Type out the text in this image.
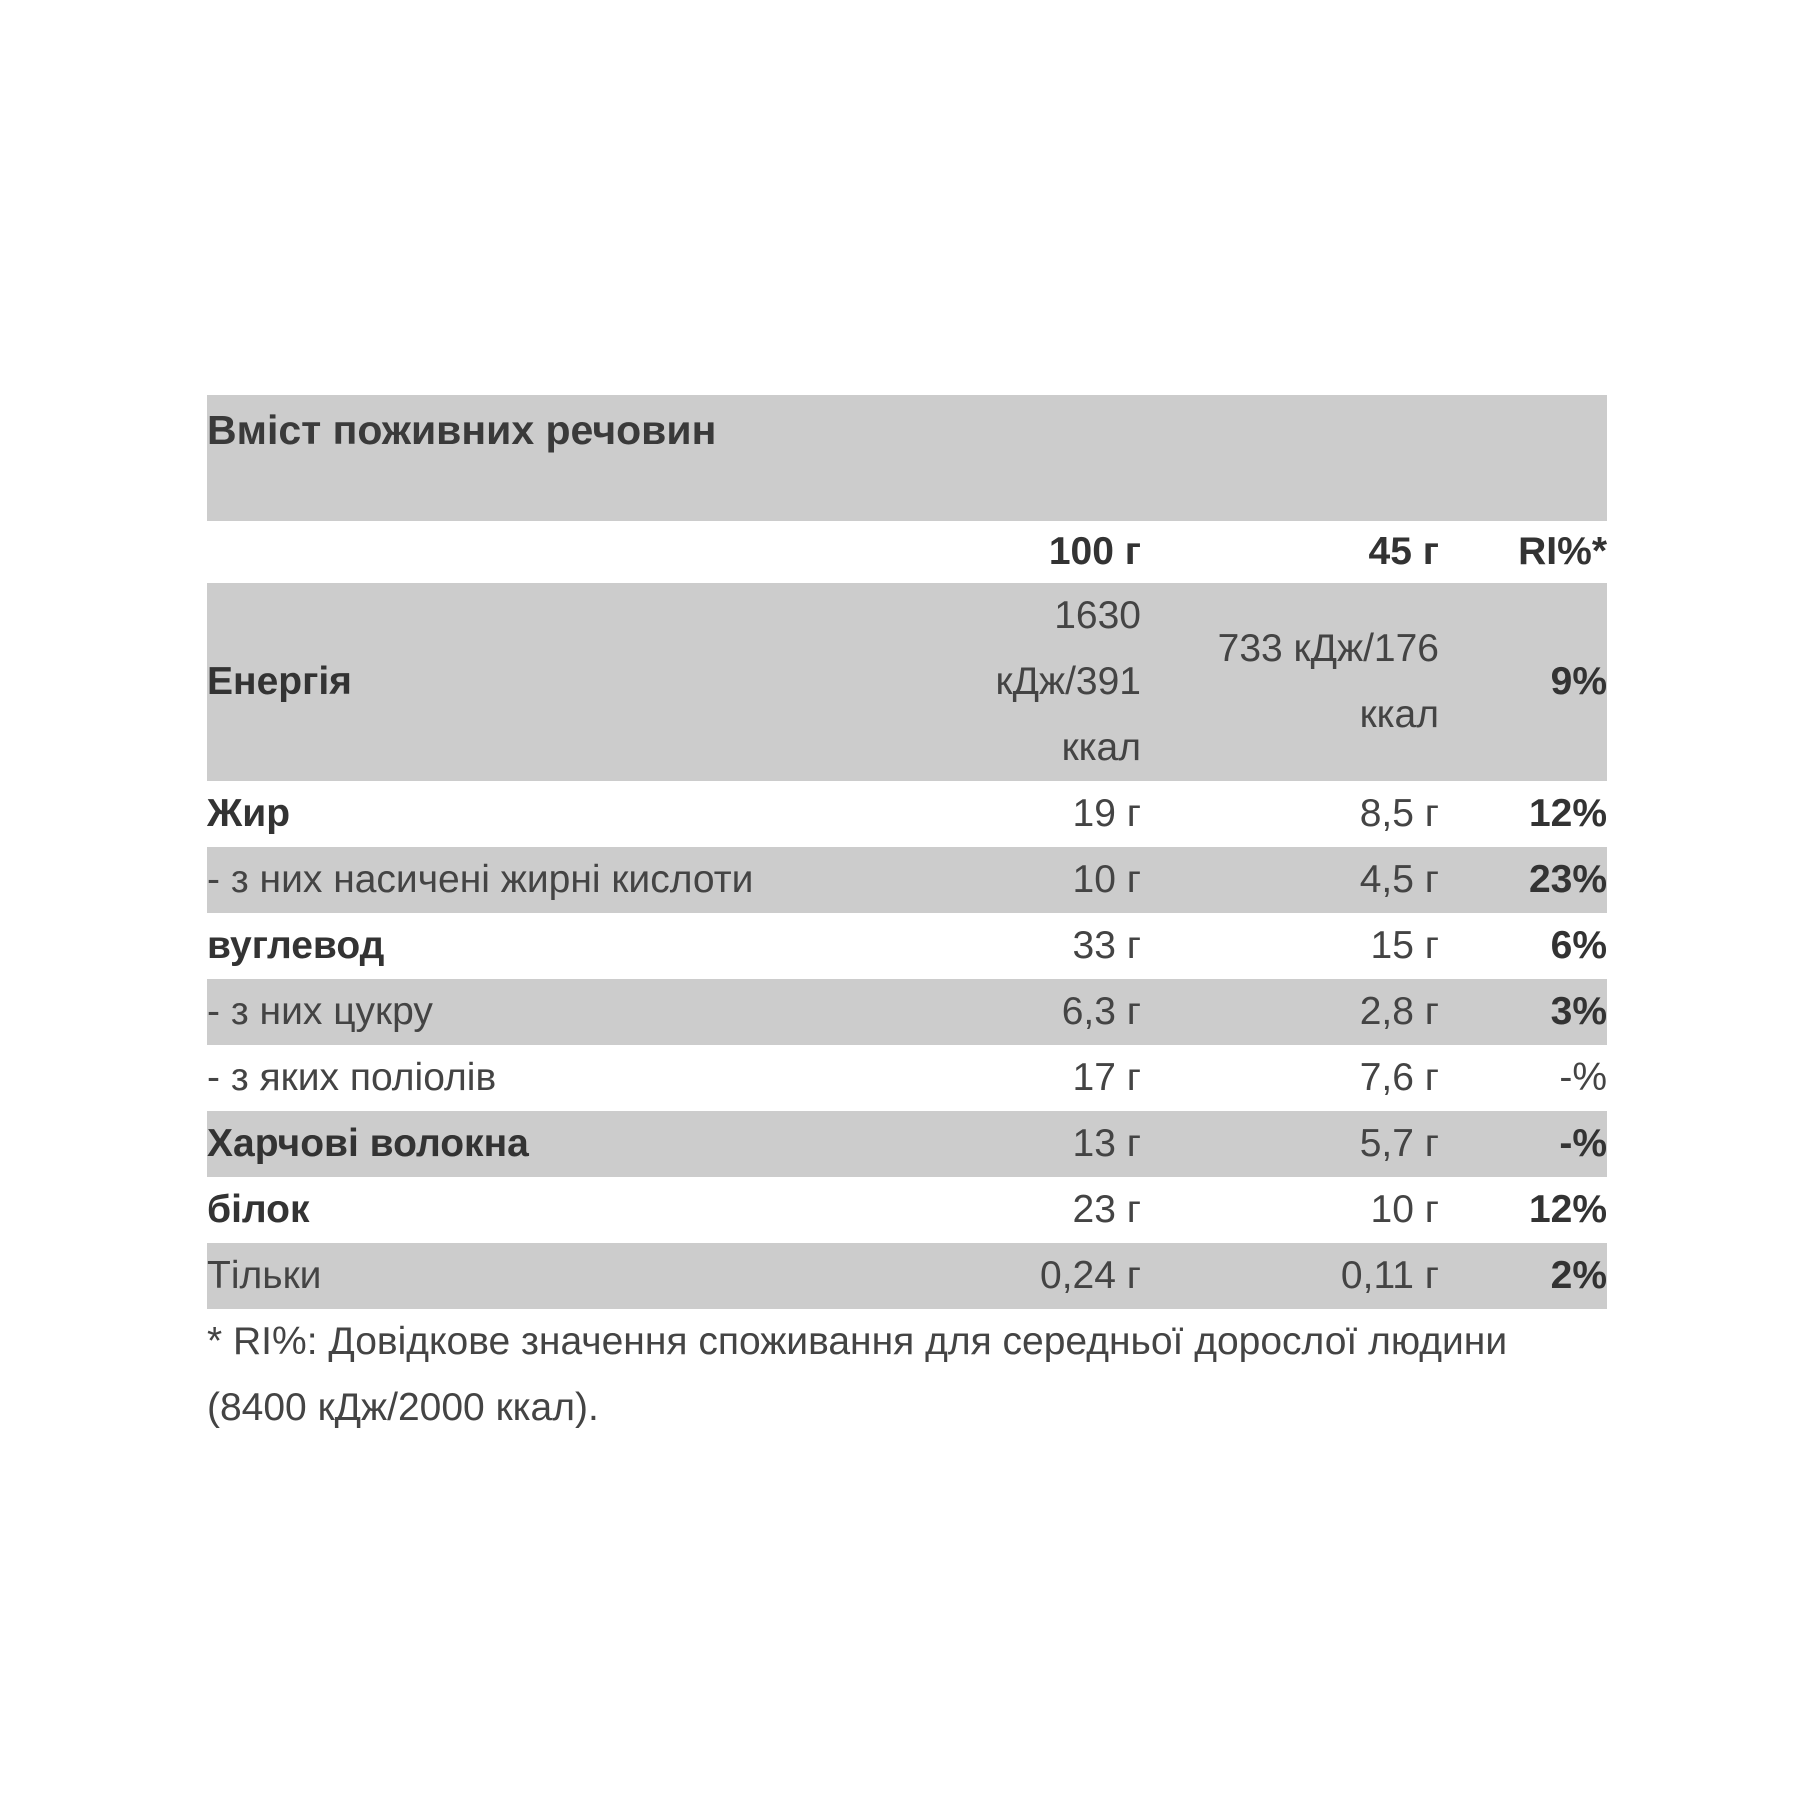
Вміст поживних речовин
	100 г	45 г	RI%*
Енергія	1630 кДж/391 ккал	733 кДж/176 ккал	9%
Жир	19 г	8,5 г	12%
- з них насичені жирні кислоти	10 г	4,5 г	23%
вуглевод	33 г	15 г	6%
- з них цукру	6,3 г	2,8 г	3%
- з яких поліолів	17 г	7,6 г	-%
Харчові волокна	13 г	5,7 г	-%
білок	23 г	10 г	12%
Тільки	0,24 г	0,11 г	2%
* RI%: Довідкове значення споживання для середньої дорослої людини (8400 кДж/2000 ккал).
